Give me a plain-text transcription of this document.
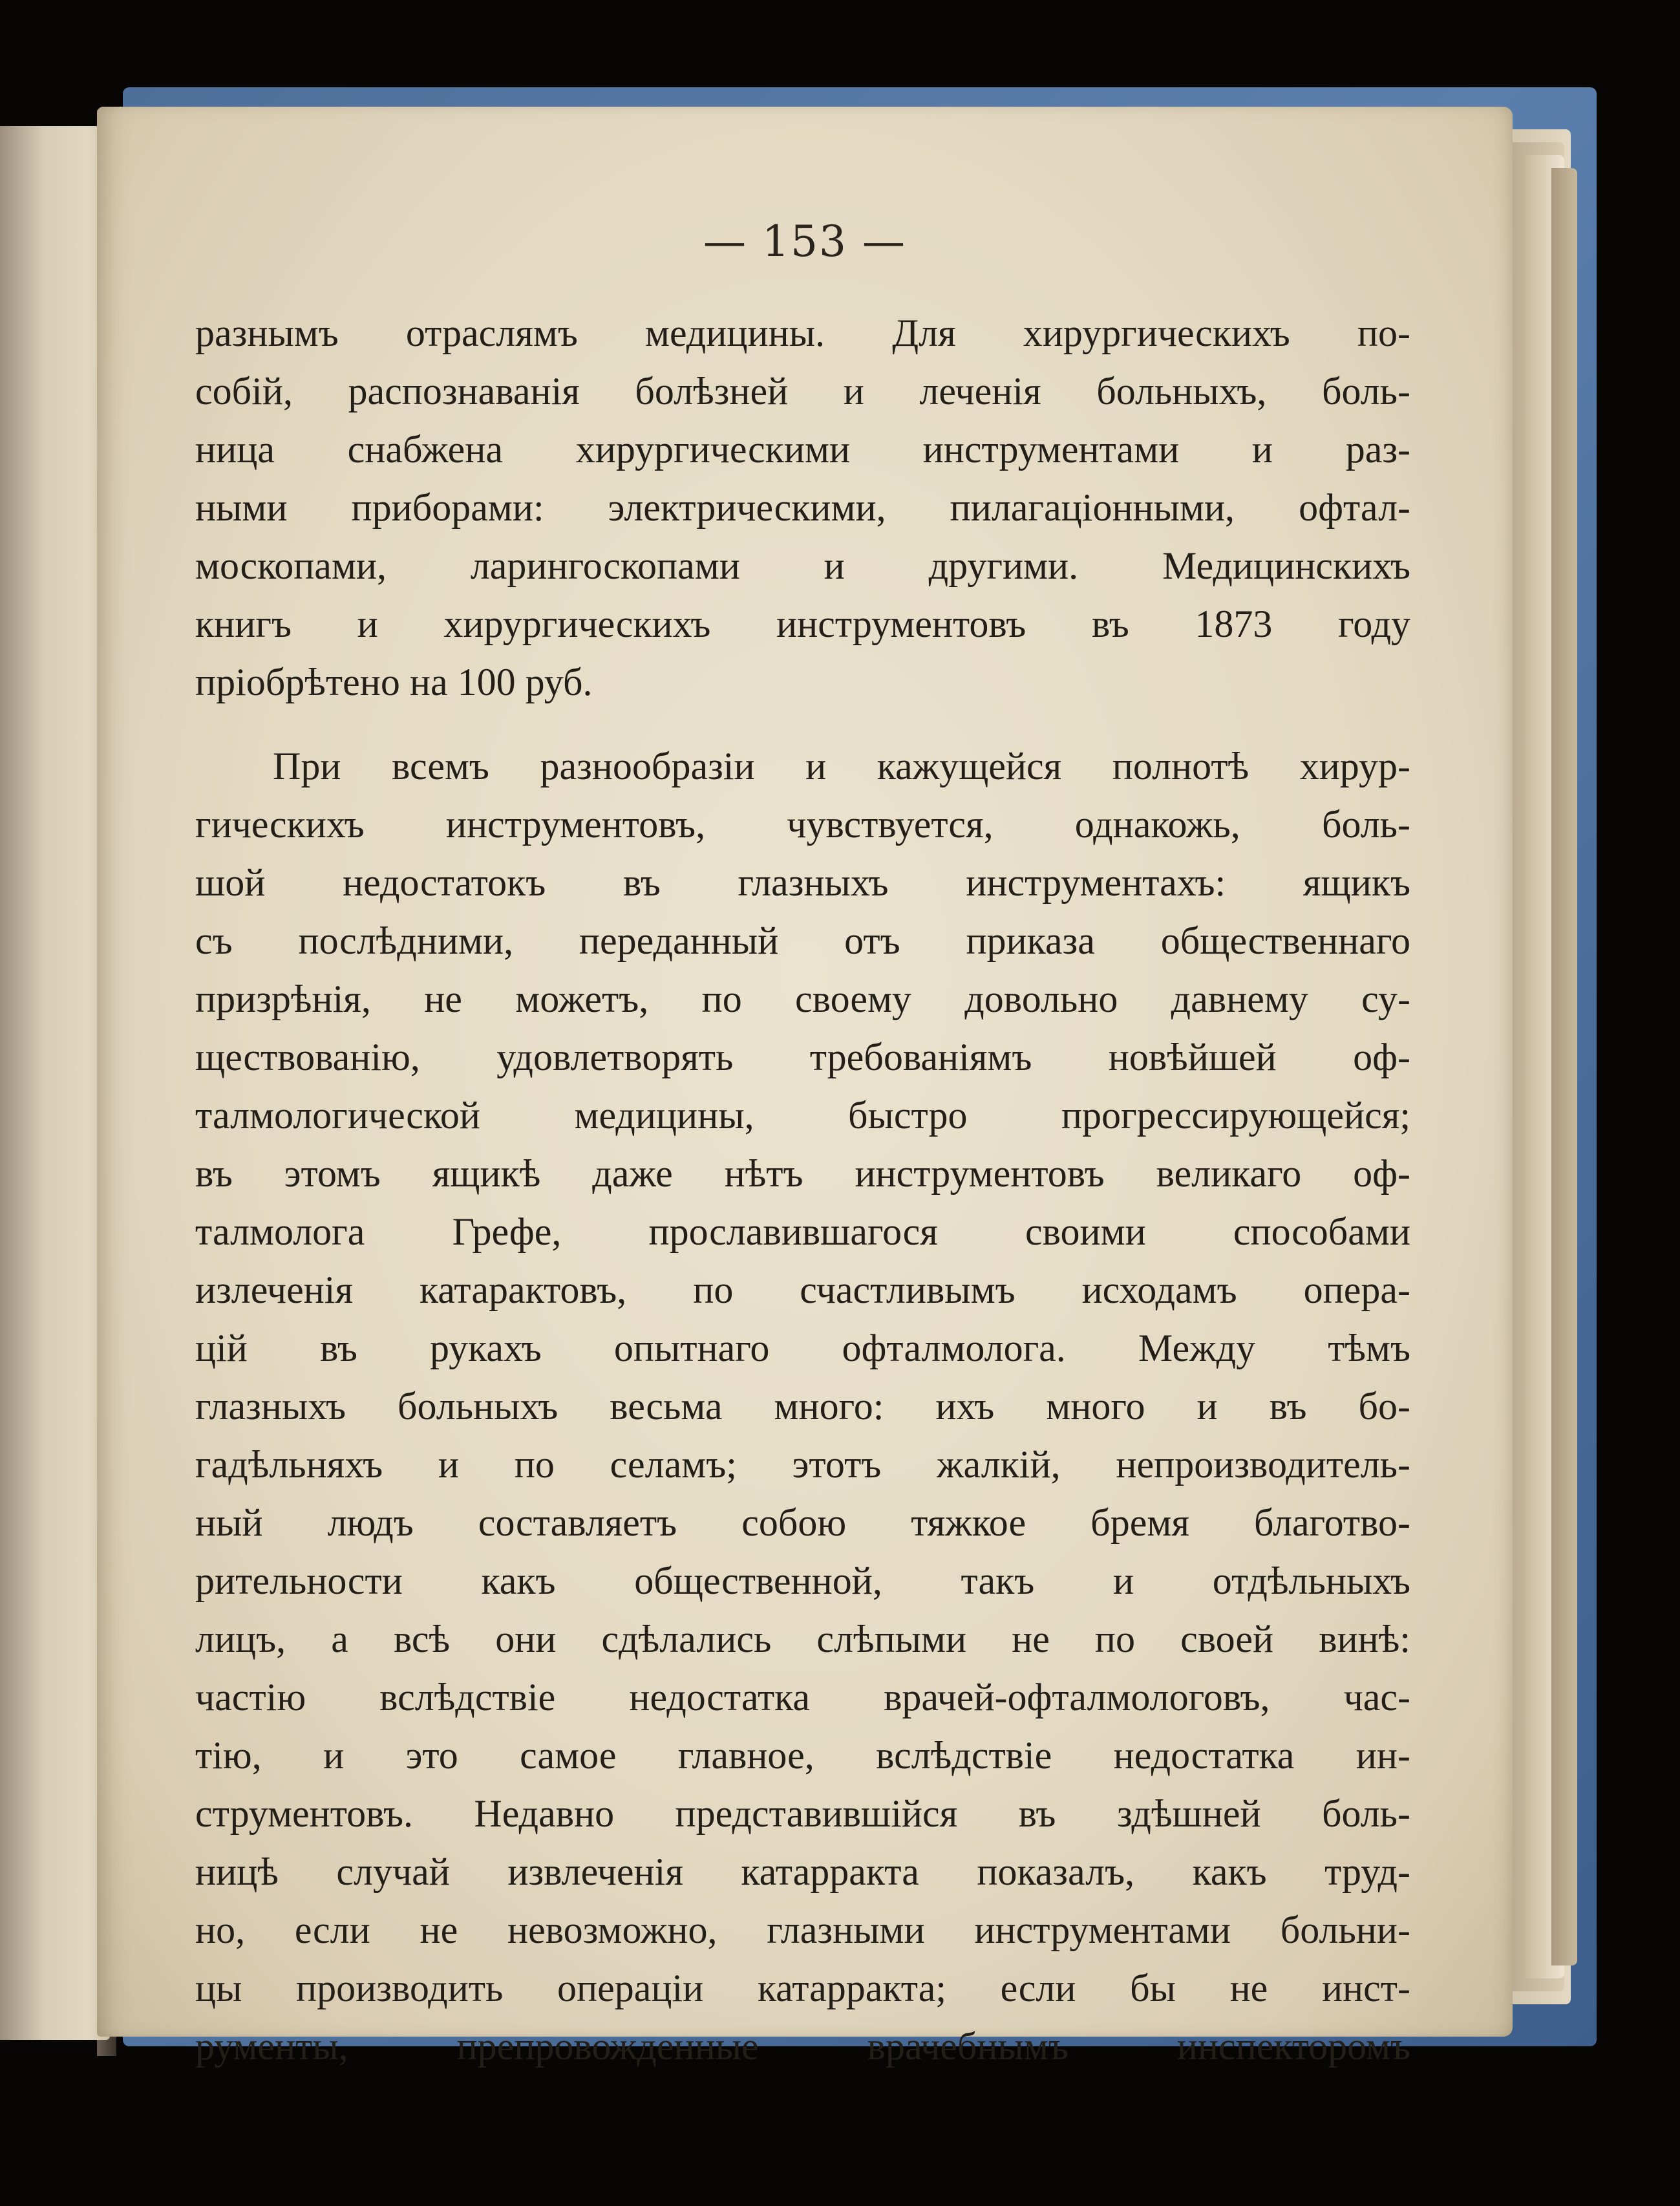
— 153 —
разнымъ отраслямъ медицины. Для хирургическихъ по-
собій, распознаванія болѣзней и леченія больныхъ, боль-
ница снабжена хирургическими инструментами и раз-
ными приборами: электрическими, пилагаціонными, офтал-
москопами, ларингоскопами и другими. Медицинскихъ
книгъ и хирургическихъ инструментовъ въ 1873 году
пріобрѣтено на 100 руб.
При всемъ разнообразіи и кажущейся полнотѣ хирур-
гическихъ инструментовъ, чувствуется, однакожь, боль-
шой недостатокъ въ глазныхъ инструментахъ: ящикъ
съ послѣдними, переданный отъ приказа общественнаго
призрѣнія, не можетъ, по своему довольно давнему су-
ществованію, удовлетворять требованіямъ новѣйшей оф-
талмологической медицины, быстро прогрессирующейся;
въ этомъ ящикѣ даже нѣтъ инструментовъ великаго оф-
талмолога Грефе, прославившагося своими способами
излеченія катарактовъ, по счастливымъ исходамъ опера-
цій въ рукахъ опытнаго офталмолога. Между тѣмъ
глазныхъ больныхъ весьма много: ихъ много и въ бо-
гадѣльняхъ и по селамъ; этотъ жалкій, непроизводитель-
ный людъ составляетъ собою тяжкое бремя благотво-
рительности какъ общественной, такъ и отдѣльныхъ
лицъ, а всѣ они сдѣлались слѣпыми не по своей винѣ:
частію вслѣдствіе недостатка врачей-офталмологовъ, час-
тію, и это самое главное, вслѣдствіе недостатка ин-
струментовъ. Недавно представившійся въ здѣшней боль-
ницѣ случай извлеченія катарракта показалъ, какъ труд-
но, если не невозможно, глазными инструментами больни-
цы производить операціи катарракта; если бы не инст-
рументы, препровожденные врачебнымъ инспекторомъ
